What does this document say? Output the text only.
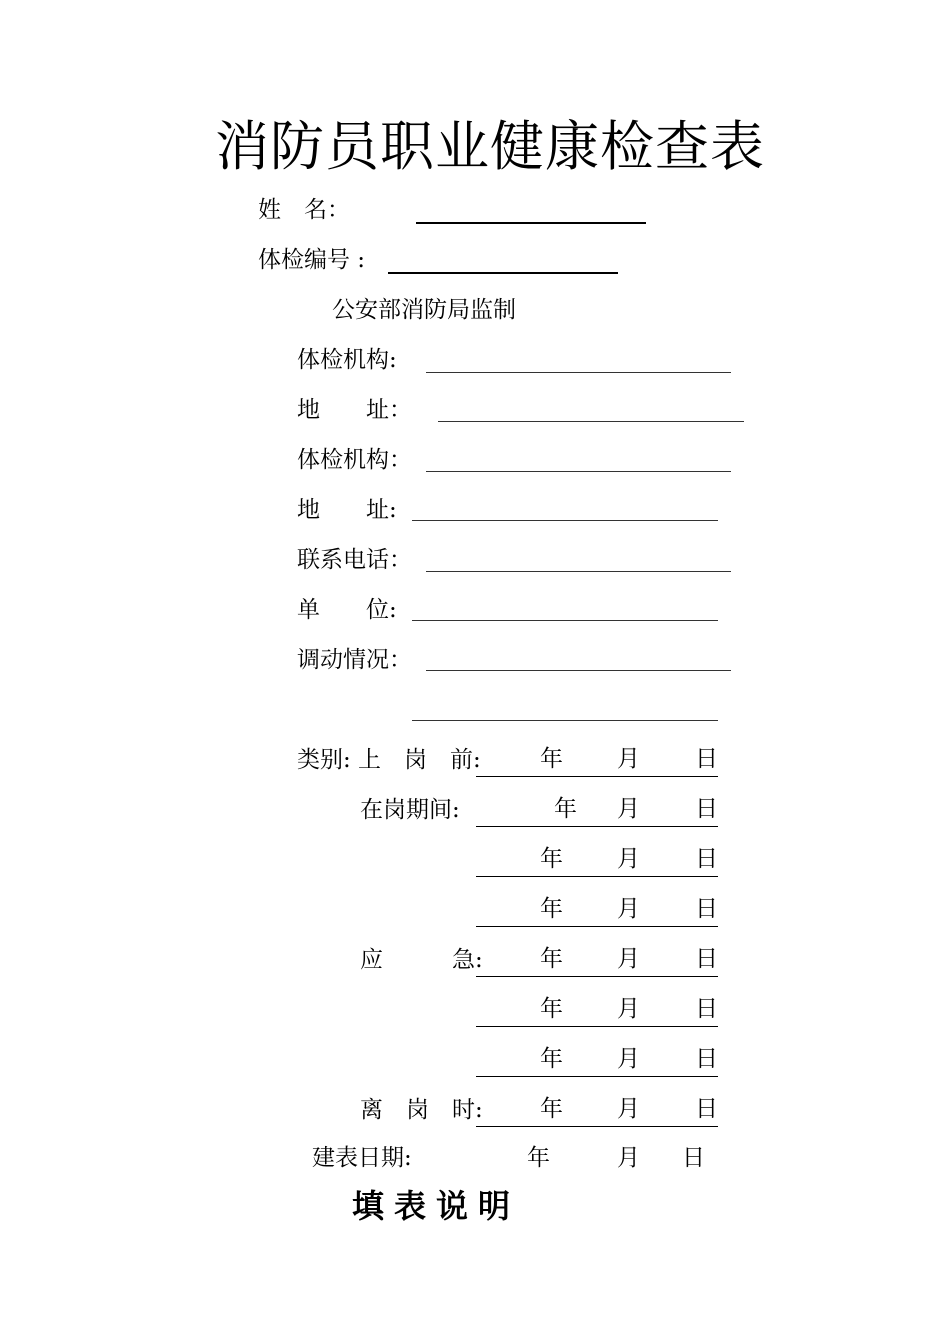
消防员职业健康检查表
姓　名：
体检编号 :
公安部消防局监制
体检机构:
地　　址：
体检机构：
地　　址:
联系电话：
单　　位:
调动情况：
类别: 上　岗　前:	年 月 日
在岗期间:	年 月 日
年 月 日
年 月 日
应　　　急: 年 月 日
年 月 日
年 月 日
离　岗　时: 年 月 日
建表日期:	年	月 日
填表说明
